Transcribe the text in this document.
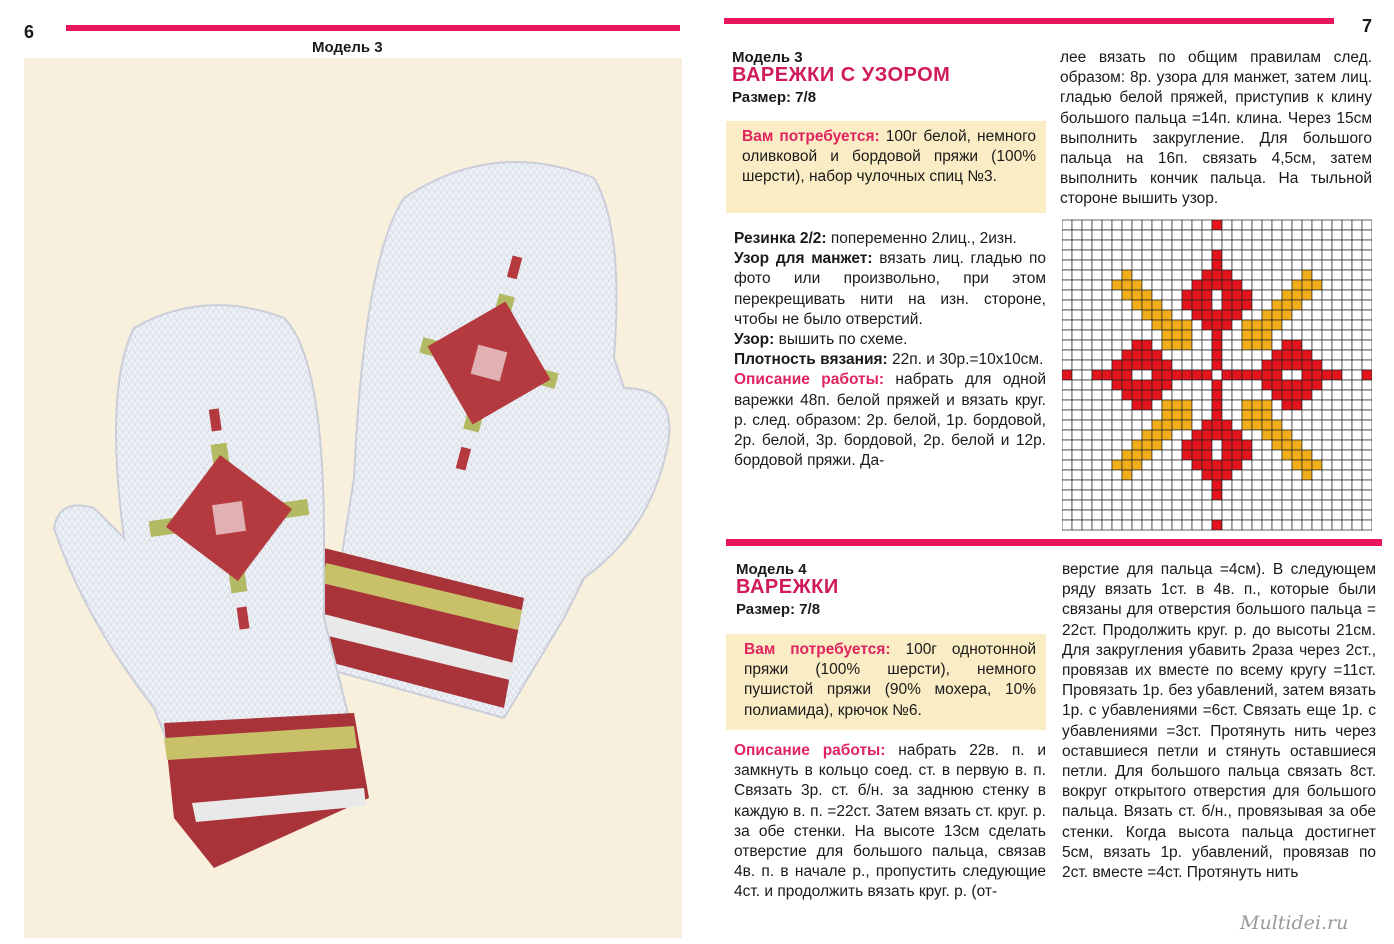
6
Модель 3
7
Модель 3
ВАРЕЖКИ С УЗОРОМ
Размер: 7/8

Вам потребуется: 100г белой, немного оливковой и бордовой пряжи (100% шерсти), набор чулочных спиц №3.

Резинка 2/2: попеременно 2лиц., 2изн.

Узор для манжет: вязать лиц. гладью по фото или произвольно, при этом перекрещивать нити на изн. стороне, чтобы не было отверстий.

Узор: вышить по схеме.

Плотность вязания: 22п. и 30р.=10х10см.

Описание работы: набрать для одной варежки 48п. белой пряжей и вязать круг. р. след. образом: 2р. белой, 1р. бордовой, 2р. белой, 3р. бордовой, 2р. белой и 12р. бордовой пряжи. Да-

лее вязать по общим правилам след. образом: 8р. узора для манжет, затем лиц. гладью белой пряжей, приступив к клину большого пальца =14п. клина. Через 15см выполнить закругление. Для большого пальца на 16п. связать 4,5см, затем выполнить кончик пальца. На тыльной стороне вышить узор.

Модель 4
ВАРЕЖКИ
Размер: 7/8

Вам потребуется: 100г однотонной пряжи (100% шерсти), немного пушистой пряжи (90% мохера, 10% полиамида), крючок №6.

Описание работы: набрать 22в. п. и замкнуть в кольцо соед. ст. в первую в. п. Связать 3р. ст. б/н. за заднюю стенку в каждую в. п. =22ст. Затем вязать ст. круг. р. за обе стенки. На высоте 13см сделать отверстие для большого пальца, связав 4в. п. в начале р., пропустить следующие 4ст. и продолжить вязать круг. р. (от-

верстие для пальца =4см). В следующем ряду вязать 1ст. в 4в. п., которые были связаны для отверстия большого пальца = 22ст. Продолжить круг. р. до высоты 21см. Для закругления убавить 2раза через 2ст., провязав их вместе по всему кругу =11ст. Провязать 1р. без убавлений, затем вязать 1р. с убавлениями =6ст. Связать еще 1р. с убавлениями =3ст. Протянуть нить через оставшиеся петли и стянуть оставшиеся петли. Для большого пальца связать 8ст. вокруг открытого отверстия для большого пальца. Вязать ст. б/н., провязывая за обе стенки. Когда высота пальца достигнет 5см, вязать 1р. убавлений, провязав по 2ст. вместе =4ст. Протянуть нить

Multidei.ru
